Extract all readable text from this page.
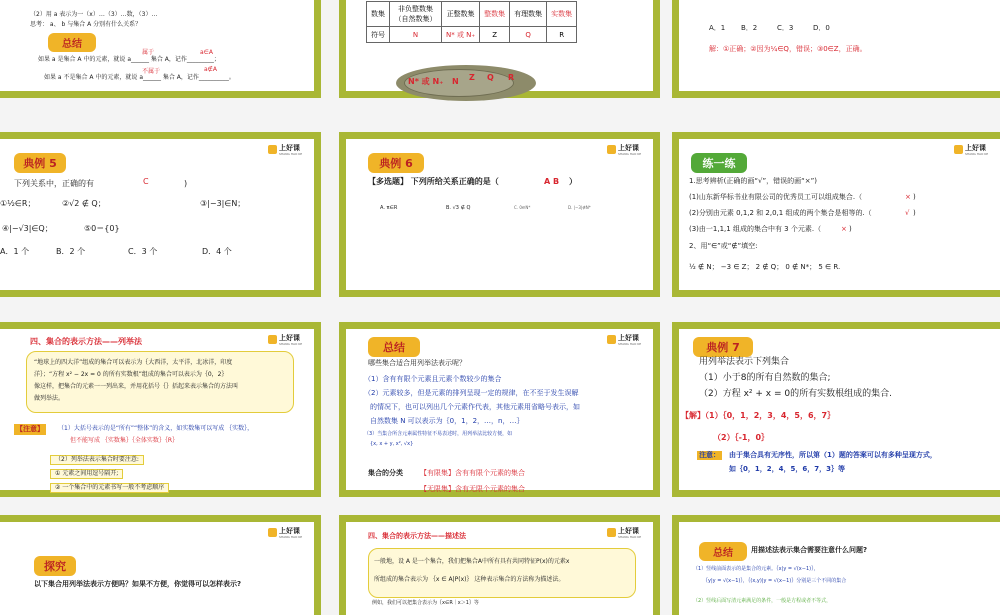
（2）用 a 表示为一（x）…（3）…数，（3）…
思考： a、 b 与集合 A 分别有什么关系？
总结
属于	a∈A
如果 a 是集合 A 中的元素，就说 a______ 集合 A，记作_________；
不属于	a∉A
如果 a 不是集合 A 中的元素，就说 a______ 集合 A，记作__________。
数集	非负整数集（自然数集）	正整数集	整数集	有理数集	实数集
符号	N	N* 或 N₊	Z	Q	R
N* 或 N₊ N Z Q R
A．1 B．2	C．3	D．0
解：①正确；②因为¼∈Q，错误；③0∈Z，正确。
典例 5
下列关系中，正确的有	C	)
①½∈R；	②√2 ∉ Q；	③|−3|∈N；
④|−√3|∈Q；	⑤0＝{0}
A．1 个	B．2 个	C．3 个	D．4 个
上好课
SHANG HAO KE
典例 6
【多选题】 下列所给关系正确的是（	A B ）
A. π∈R	B. √3 ∉ Q	C. 0∈N*	D. |−3|∉N*
上好课
SHANG HAO KE
练一练
1.思考辨析(正确的画“√”，错误的画“×”)
(1)山东新华标书业有限公司的优秀员工可以组成集合.（	× )
(2)分别由元素 0,1,2 和 2,0,1 组成的两个集合是相等的.（	√ )
(3)由一1,1,1 组成的集合中有 3 个元素.（	× )
2、用“∈”或“∉”填空:
½ ∉ N； −3 ∈ Z； 2 ∉ Q； 0 ∉ N*； 5 ∈ R.
上好课
SHANG HAO KE
四、集合的表示方法——列举法
“地球上的四大洋”组成的集合可以表示为｛大西洋，太平洋，北冰洋，印度
洋｝；“方程 x² − 2x = 0 的所有实数根”组成的集合可以表示为｛0，2｝
像这样，把集合的元素一一列出来，并用花括号｛｝括起来表示集合的方法叫
做列举法。
【注意】	（1）大括号表示的是“所有”“整体”的含义，如实数集可以写成 ｛实数｝，
但不能写成 ｛实数集｝｛全体实数｝｛R｝
（2）列举法表示集合时要注意:
① 元素之间用逗号隔开;
② 一个集合中的元素书写一般不考虑顺序
上好课
SHANG HAO KE	总结
哪些集合适合用列举法表示呢？
（1）含有有限个元素且元素个数较少的集合
（2）元素较多，但是元素的排列呈现一定的规律，在不至于发生误解
的情况下，也可以列出几个元素作代表，其他元素用省略号表示，如
自然数集 N 可以表示为｛0，1，2，…，n，…｝
（3）当集合所含元素属性特征不易表述时，用列举法比较方便，如
{x, x + y, x², √x}
集合的分类 【有限集】含有有限个元素的集合
【无限集】含有无限个元素的集合
上好课
SHANG HAO KE	典例 7
用列举法表示下列集合
（1）小于8的所有自然数的集合;
（2）方程 x² + x = 0的所有实数根组成的集合.
【解】（1）｛0，1，2，3，4，5，6，7｝
（2）｛-1，0｝
注意： 由于集合具有无序性，所以第（1）题的答案可以有多种呈现方式，
如｛0，1，2，4，5，6，7，3｝等
探究
以下集合用列举法表示方便吗？如果不方便，你觉得可以怎样表示?
上好课
SHANG HAO KE	四、集合的表示方法——描述法
一般地，设 A 是一个集合，我们把集合A中所有具有共同特征P(x)的元素x
所组成的集合表示为 ｛x ∈ A|P(x)｝ 这种表示集合的方法称为描述法。
例如，我们可以把集合表示为｛x∈R｜x＞1｝等
上好课
SHANG HAO KE
总结	用描述法表示集合需要注意什么问题?
（1）竖线前面表示的是集合的元素。｛x|y = √(x−1)｝，
｛y|y = √(x−1)｝，｛(x,y)|y = √(x−1)｝分别是三个不同的集合
（2）竖线后面写清元素满足的条件，一般是方程或者不等式，
